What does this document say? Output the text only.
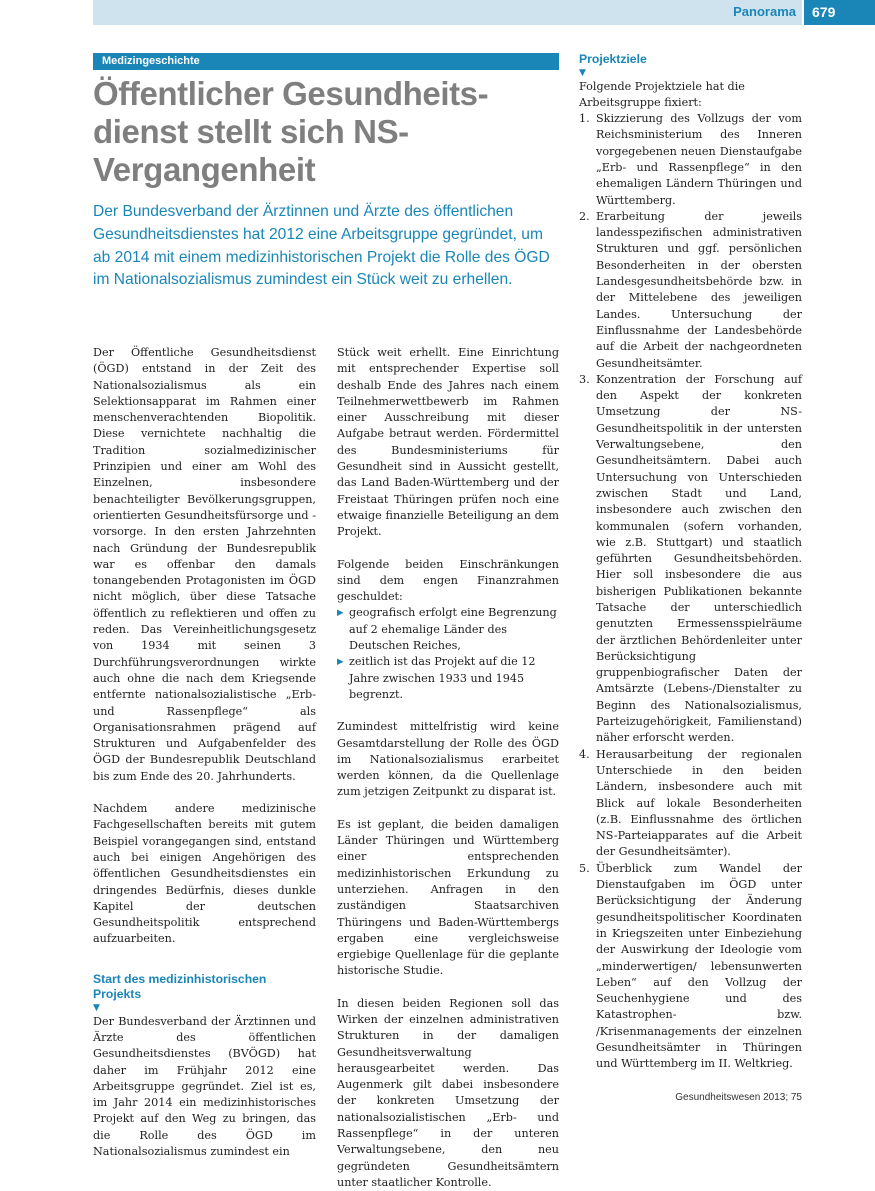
Panorama	679
Medizingeschichte
Öffentlicher Gesundheits-dienst stellt sich NS-Vergangenheit

Der Bundesverband der Ärztinnen und Ärzte des öffentlichen Gesundheitsdienstes hat 2012 eine Arbeitsgruppe gegründet, um ab 2014 mit einem medizinhistorischen Projekt die Rolle des ÖGD im Nationalsozialismus zumindest ein Stück weit zu erhellen.

Der Öffentliche Gesundheitsdienst (ÖGD) entstand in der Zeit des Nationalsozialismus als ein Selektionsapparat im Rahmen einer menschenverachtenden Biopolitik. Diese vernichtete nachhaltig die Tradition sozialmedizinischer Prinzipien und einer am Wohl des Einzelnen, insbesondere benachteiligter Bevölkerungsgruppen, orientierten Gesundheitsfürsorge und -vorsorge. In den ersten Jahrzehnten nach Gründung der Bundesrepublik war es offenbar den damals tonangebenden Protagonisten im ÖGD nicht möglich, über diese Tatsache öffentlich zu reflektieren und offen zu reden. Das Vereinheitlichungsgesetz von 1934 mit seinen 3 Durchführungsverordnungen wirkte auch ohne die nach dem Kriegsende entfernte nationalsozialistische „Erb- und Rassenpflege“ als Organisationsrahmen prägend auf Strukturen und Aufgabenfelder des ÖGD der Bundesrepublik Deutschland bis zum Ende des 20. Jahrhunderts.

Nachdem andere medizinische Fachgesellschaften bereits mit gutem Beispiel vorangegangen sind, entstand auch bei einigen Angehörigen des öffentlichen Gesundheitsdienstes ein dringendes Bedürfnis, dieses dunkle Kapitel der deutschen Gesundheitspolitik entsprechend aufzuarbeiten.

Start des medizinhistorischen Projekts
▼

Der Bundesverband der Ärztinnen und Ärzte des öffentlichen Gesundheitsdienstes (BVÖGD) hat daher im Frühjahr 2012 eine Arbeitsgruppe gegründet. Ziel ist es, im Jahr 2014 ein medizinhistorisches Projekt auf den Weg zu bringen, das die Rolle des ÖGD im Nationalsozialismus zumindest ein

Stück weit erhellt. Eine Einrichtung mit entsprechender Expertise soll deshalb Ende des Jahres nach einem Teilnehmerwettbewerb im Rahmen einer Ausschreibung mit dieser Aufgabe betraut werden. Fördermittel des Bundesministeriums für Gesundheit sind in Aussicht gestellt, das Land Baden-Württemberg und der Freistaat Thüringen prüfen noch eine etwaige finanzielle Beteiligung an dem Projekt.

Folgende beiden Einschränkungen sind dem engen Finanzrahmen geschuldet:

▶ geografisch erfolgt eine Begrenzung auf 2 ehemalige Länder des Deutschen Reiches,
▶ zeitlich ist das Projekt auf die 12 Jahre zwischen 1933 und 1945 begrenzt.

Zumindest mittelfristig wird keine Gesamtdarstellung der Rolle des ÖGD im Nationalsozialismus erarbeitet werden können, da die Quellenlage zum jetzigen Zeitpunkt zu disparat ist.

Es ist geplant, die beiden damaligen Länder Thüringen und Württemberg einer entsprechenden medizinhistorischen Erkundung zu unterziehen. Anfragen in den zuständigen Staatsarchiven Thüringens und Baden-Württembergs ergaben eine vergleichsweise ergiebige Quellenlage für die geplante historische Studie.

In diesen beiden Regionen soll das Wirken der einzelnen administrativen Strukturen in der damaligen Gesundheitsverwaltung herausgearbeitet werden. Das Augenmerk gilt dabei insbesondere der konkreten Umsetzung der nationalsozialistischen „Erb- und Rassenpflege“ in der unteren Verwaltungsebene, den neu gegründeten Gesundheitsämtern unter staatlicher Kontrolle.

Projektziele
▼

Folgende Projektziele hat die Arbeitsgruppe fixiert:

1. Skizzierung des Vollzugs der vom Reichsministerium des Inneren vorgegebenen neuen Dienstaufgabe „Erb- und Rassenpflege“ in den ehemaligen Ländern Thüringen und Württemberg.
2. Erarbeitung der jeweils landesspezifischen administrativen Strukturen und ggf. persönlichen Besonderheiten in der obersten Landesgesundheitsbehörde bzw. in der Mittelebene des jeweiligen Landes. Untersuchung der Einflussnahme der Landesbehörde auf die Arbeit der nachgeordneten Gesundheitsämter.
3. Konzentration der Forschung auf den Aspekt der konkreten Umsetzung der NS-Gesundheitspolitik in der untersten Verwaltungsebene, den Gesundheitsämtern. Dabei auch Untersuchung von Unterschieden zwischen Stadt und Land, insbesondere auch zwischen den kommunalen (sofern vorhanden, wie z.B. Stuttgart) und staatlich geführten Gesundheitsbehörden. Hier soll insbesondere die aus bisherigen Publikationen bekannte Tatsache der unterschiedlich genutzten Ermessensspielräume der ärztlichen Behördenleiter unter Berücksichtigung gruppenbiografischer Daten der Amtsärzte (Lebens-/Dienstalter zu Beginn des Nationalsozialismus, Parteizugehörigkeit, Familienstand) näher erforscht werden.
4. Herausarbeitung der regionalen Unterschiede in den beiden Ländern, insbesondere auch mit Blick auf lokale Besonderheiten (z.B. Einflussnahme des örtlichen NS-Parteiapparates auf die Arbeit der Gesundheitsämter).
5. Überblick zum Wandel der Dienstaufgaben im ÖGD unter Berücksichtigung der Änderung gesundheitspolitischer Koordinaten in Kriegszeiten unter Einbeziehung der Auswirkung der Ideologie vom „minderwertigen/ lebensunwerten Leben“ auf den Vollzug der Seuchenhygiene und des Katastrophen- bzw. /Krisenmanagements der einzelnen Gesundheitsämter in Thüringen und Württemberg im II. Weltkrieg.
Gesundheitswesen 2013; 75
